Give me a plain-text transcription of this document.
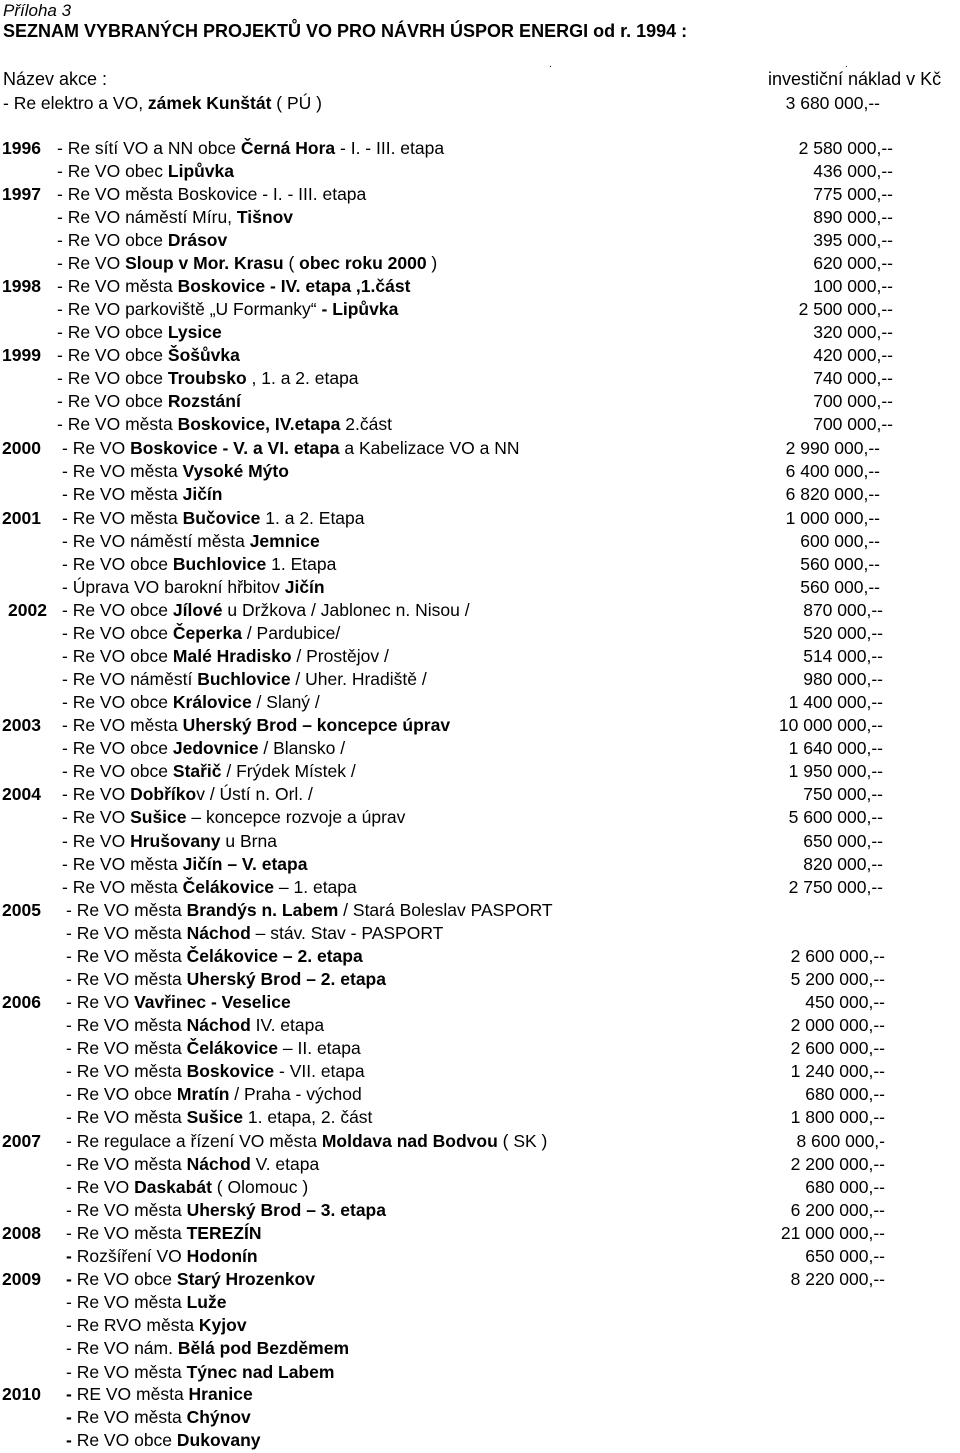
Příloha 3
SEZNAM VYBRANÝCH PROJEKTŮ VO PRO NÁVRH ÚSPOR ENERGI od r. 1994 :
.	.
Název akce :	investiční náklad v Kč
- Re elektro a VO, zámek Kunštát ( PÚ )	3 680 000,--
1996 - Re sítí VO a NN obce Černá Hora - I. - III. etapa	2 580 000,--
- Re VO obec Lipůvka	436 000,--
1997 - Re VO města Boskovice - I. - III. etapa	775 000,--
- Re VO náměstí Míru, Tišnov	890 000,--
- Re VO obce Drásov	395 000,--
- Re VO Sloup v Mor. Krasu ( obec roku 2000 )	620 000,--
1998 - Re VO města Boskovice - IV. etapa ,1.část	100 000,--
- Re VO parkoviště „U Formanky“ - Lipůvka	2 500 000,--
- Re VO obce Lysice	320 000,--
1999 - Re VO obce Šošůvka	420 000,--
- Re VO obce Troubsko , 1. a 2. etapa	740 000,--
- Re VO obce Rozstání	700 000,--
- Re VO města Boskovice, IV.etapa 2.část	700 000,--
2000 - Re VO Boskovice - V. a VI. etapa a Kabelizace VO a NN	2 990 000,--
- Re VO města Vysoké Mýto	6 400 000,--
- Re VO města Jičín	6 820 000,--
2001 - Re VO města Bučovice 1. a 2. Etapa	1 000 000,--
- Re VO náměstí města Jemnice	600 000,--
- Re VO obce Buchlovice 1. Etapa	560 000,--
- Úprava VO barokní hřbitov Jičín	560 000,--
2002 - Re VO obce Jílové u Držkova / Jablonec n. Nisou /	870 000,--
- Re VO obce Čeperka / Pardubice/	520 000,--
- Re VO obce Malé Hradisko / Prostějov /	514 000,--
- Re VO náměstí Buchlovice / Uher. Hradiště /	980 000,--
- Re VO obce Královice / Slaný /	1 400 000,--
2003 - Re VO města Uherský Brod – koncepce úprav	10 000 000,--
- Re VO obce Jedovnice / Blansko /	1 640 000,--
- Re VO obce Stařič / Frýdek Místek /	1 950 000,--
2004 - Re VO Dobříkov / Ústí n. Orl. /	750 000,--
- Re VO Sušice – koncepce rozvoje a úprav	5 600 000,--
- Re VO Hrušovany u Brna	650 000,--
- Re VO města Jičín – V. etapa	820 000,--
- Re VO města Čelákovice – 1. etapa	2 750 000,--
2005 - Re VO města Brandýs n. Labem / Stará Boleslav PASPORT
- Re VO města Náchod – stáv. Stav - PASPORT
- Re VO města Čelákovice – 2. etapa	2 600 000,--
- Re VO města Uherský Brod – 2. etapa	5 200 000,--
2006 - Re VO Vavřinec - Veselice	450 000,--
- Re VO města Náchod IV. etapa	2 000 000,--
- Re VO města Čelákovice – II. etapa	2 600 000,--
- Re VO města Boskovice - VII. etapa	1 240 000,--
- Re VO obce Mratín / Praha - východ	680 000,--
- Re VO města Sušice 1. etapa, 2. část	1 800 000,--
2007 - Re regulace a řízení VO města Moldava nad Bodvou ( SK )	8 600 000,-
- Re VO města Náchod V. etapa	2 200 000,--
- Re VO Daskabát ( Olomouc )	680 000,--
- Re VO města Uherský Brod – 3. etapa	6 200 000,--
2008 - Re VO města TEREZÍN	21 000 000,--
- Rozšíření VO Hodonín	650 000,--
2009 - Re VO obce Starý Hrozenkov	8 220 000,--
- Re VO města Luže
- Re RVO města Kyjov
- Re VO nám. Bělá pod Bezděmem
- Re VO města Týnec nad Labem
2010 - RE VO města Hranice
- Re VO města Chýnov
- Re VO obce Dukovany
